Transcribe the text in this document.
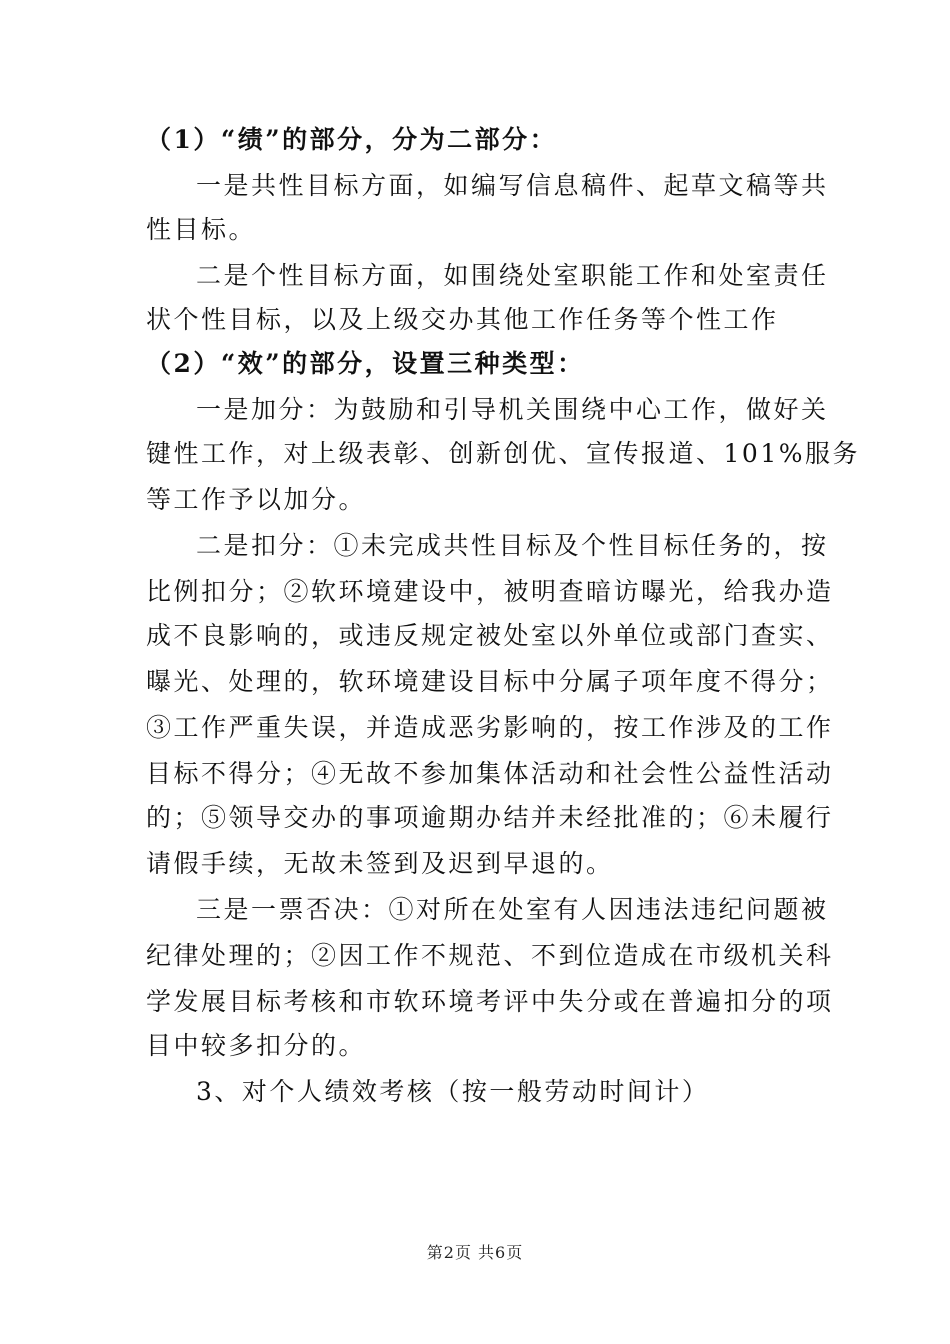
（1）“绩”的部分，分为二部分：
一是共性目标方面，如编写信息稿件、起草文稿等共
性目标。
二是个性目标方面，如围绕处室职能工作和处室责任
状个性目标，以及上级交办其他工作任务等个性工作
（2）“效”的部分，设置三种类型：
一是加分：为鼓励和引导机关围绕中心工作，做好关
键性工作，对上级表彰、创新创优、宣传报道、101%服务
等工作予以加分。
二是扣分：①未完成共性目标及个性目标任务的，按
比例扣分；②软环境建设中，被明查暗访曝光，给我办造
成不良影响的，或违反规定被处室以外单位或部门查实、
曝光、处理的，软环境建设目标中分属子项年度不得分；
③工作严重失误，并造成恶劣影响的，按工作涉及的工作
目标不得分；④无故不参加集体活动和社会性公益性活动
的；⑤领导交办的事项逾期办结并未经批准的；⑥未履行
请假手续，无故未签到及迟到早退的。
三是一票否决：①对所在处室有人因违法违纪问题被
纪律处理的；②因工作不规范、不到位造成在市级机关科
学发展目标考核和市软环境考评中失分或在普遍扣分的项
目中较多扣分的。
3、对个人绩效考核（按一般劳动时间计）
第2页 共6页
